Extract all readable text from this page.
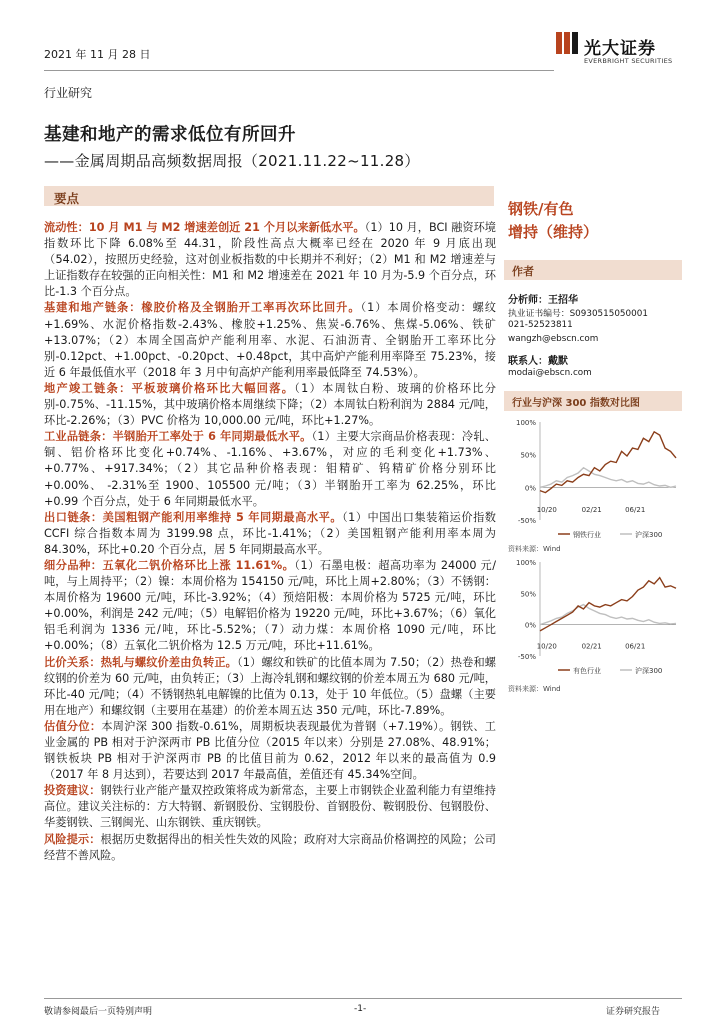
2021 年 11 月 28 日	光大证券
EVERBRIGHT SECURITIES
行业研究
基建和地产的需求低位有所回升
——金属周期品高频数据周报（2021.11.22~11.28）
要点

流动性：10 月 M1 与 M2 增速差创近 21 个月以来新低水平。（1）10 月，BCI 融资环境指数环比下降 6.08%至 44.31，阶段性高点大概率已经在 2020 年 9 月底出现（54.02），按照历史经验，这对创业板指数的中长期并不利好；（2）M1 和 M2 增速差与上证指数存在较强的正向相关性：M1 和 M2 增速差在 2021 年 10 月为-5.9 个百分点，环比-1.3 个百分点。

基建和地产链条：橡胶价格及全钢胎开工率再次环比回升。（1）本周价格变动：螺纹+1.69%、水泥价格指数-2.43%、橡胶+1.25%、焦炭-6.76%、焦煤-5.06%、铁矿+13.07%；（2）本周全国高炉产能利用率、水泥、石油沥青、全钢胎开工率环比分别-0.12pct、+1.00pct、-0.20pct、+0.48pct，其中高炉产能利用率降至 75.23%，接近 6 年最低值水平（2018 年 3 月中旬高炉产能利用率最低降至 74.53%）。

地产竣工链条：平板玻璃价格环比大幅回落。（1）本周钛白粉、玻璃的价格环比分别-0.75%、-11.15%，其中玻璃价格本周继续下降；（2）本周钛白粉利润为 2884 元/吨，环比-2.26%；（3）PVC 价格为 10,000.00 元/吨，环比+1.27%。

工业品链条：半钢胎开工率处于 6 年同期最低水平。（1）主要大宗商品价格表现：冷轧、铜、铝价格环比变化+0.74%、-1.16%、+3.67%，对应的毛利变化+1.73%、+0.77%、+917.34%；（2）其它品种价格表现：钼精矿、钨精矿价格分别环比+0.00%、 -2.31%至 1900、105500 元/吨；（3）半钢胎开工率为 62.25%，环比+0.99 个百分点，处于 6 年同期最低水平。

出口链条：美国粗钢产能利用率维持 5 年同期最高水平。（1）中国出口集装箱运价指数 CCFI 综合指数本周为 3199.98 点，环比-1.41%；（2）美国粗钢产能利用率本周为 84.30%，环比+0.20 个百分点，居 5 年同期最高水平。

细分品种：五氧化二钒价格环比上涨 11.61%。（1）石墨电极：超高功率为 24000 元/吨，与上周持平；（2）镍：本周价格为 154150 元/吨，环比上周+2.80%；（3）不锈钢：本周价格为 19600 元/吨，环比-3.92%；（4）预焙阳极：本周价格为 5725 元/吨，环比+0.00%，利润是 242 元/吨；（5）电解铝价格为 19220 元/吨，环比+3.67%；（6）氧化铝毛利润为 1336 元/吨，环比-5.52%；（7）动力煤：本周价格 1090 元/吨，环比+0.00%；（8）五氧化二钒价格为 12.5 万元/吨，环比+11.61%。

比价关系：热轧与螺纹价差由负转正。（1）螺纹和铁矿的比值本周为 7.50；（2）热卷和螺纹钢的价差为 60 元/吨，由负转正；（3）上海冷轧钢和螺纹钢的价差本周五为 680 元/吨，环比-40 元/吨；（4）不锈钢热轧电解镍的比值为 0.13，处于 10 年低位。（5）盘螺（主要用在地产）和螺纹钢（主要用在基建）的价差本周五达 350 元/吨，环比-7.89%。

估值分位：本周沪深 300 指数-0.61%，周期板块表现最优为普钢（+7.19%）。钢铁、工业金属的 PB 相对于沪深两市 PB 比值分位（2015 年以来）分别是 27.08%、48.91%；钢铁板块 PB 相对于沪深两市 PB 的比值目前为 0.62，2012 年以来的最高值为 0.9（2017 年 8 月达到），若要达到 2017 年最高值，差值还有 45.34%空间。

投资建议：钢铁行业产能产量双控政策将成为新常态，主要上市钢铁企业盈利能力有望维持高位。建议关注标的：方大特钢、新钢股份、宝钢股份、首钢股份、鞍钢股份、包钢股份、华菱钢铁、三钢闽光、山东钢铁、重庆钢铁。

风险提示：根据历史数据得出的相关性失效的风险；政府对大宗商品价格调控的风险；公司经营不善风险。

钢铁/有色
增持（维持）
作者
分析师：王招华
执业证书编号：S0930515050001
021-52523811
wangzh@ebscn.com
联系人：戴默
modai@ebscn.com
行业与沪深 300 指数对比图
100%
50%
0%
-50%
10/20	02/21	06/21
钢铁行业	沪深300
资料来源：Wind
100%
50%
0%
-50%
10/20	02/21	06/21
有色行业	沪深300
资料来源：Wind
敬请参阅最后一页特别声明	-1-	证券研究报告
